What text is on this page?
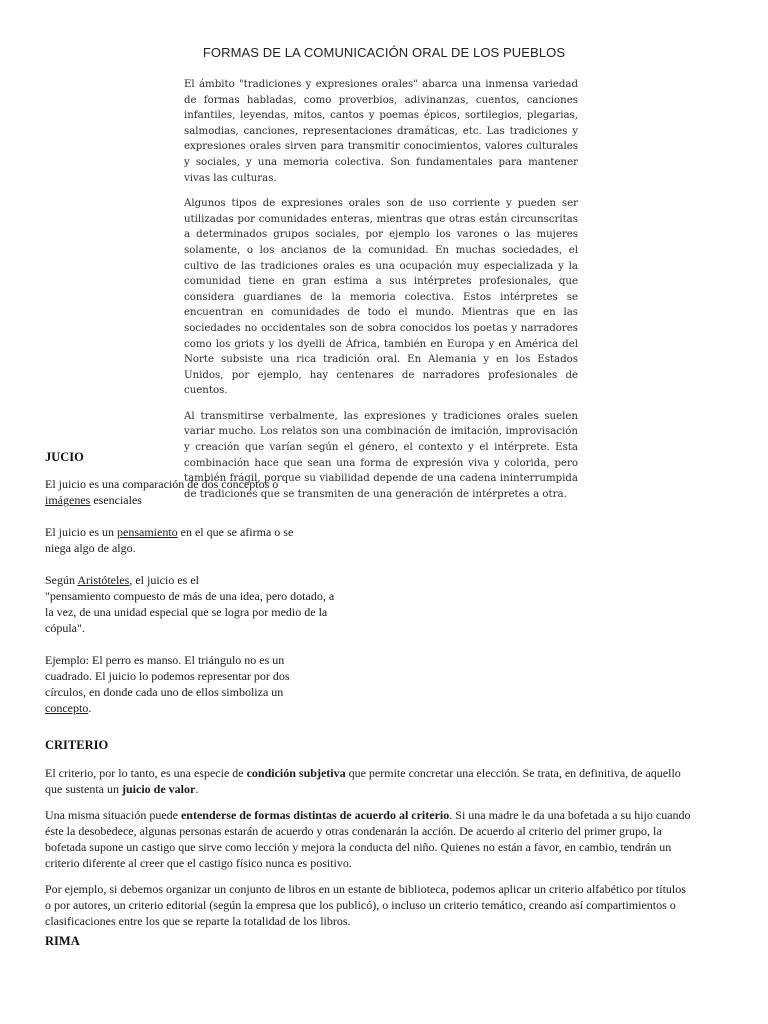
FORMAS DE LA COMUNICACIÓN ORAL DE LOS PUEBLOS

El ámbito "tradiciones y expresiones orales" abarca una inmensa variedad de formas habladas, como proverbios, adivinanzas, cuentos, canciones infantiles, leyendas, mitos, cantos y poemas épicos, sortilegios, plegarias, salmodias, canciones, representaciones dramáticas, etc. Las tradiciones y expresiones orales sirven para transmitir conocimientos, valores culturales y sociales, y una memoria colectiva. Son fundamentales para mantener vivas las culturas.

Algunos tipos de expresiones orales son de uso corriente y pueden ser utilizadas por comunidades enteras, mientras que otras están circunscritas a determinados grupos sociales, por ejemplo los varones o las mujeres solamente, o los ancianos de la comunidad. En muchas sociedades, el cultivo de las tradiciones orales es una ocupación muy especializada y la comunidad tiene en gran estima a sus intérpretes profesionales, que considera guardianes de la memoria colectiva. Estos intérpretes se encuentran en comunidades de todo el mundo. Mientras que en las sociedades no occidentales son de sobra conocidos los poetas y narradores como los griots y los dyelli de África, también en Europa y en América del Norte subsiste una rica tradición oral. En Alemania y en los Estados Unidos, por ejemplo, hay centenares de narradores profesionales de cuentos.

Al transmitirse verbalmente, las expresiones y tradiciones orales suelen variar mucho. Los relatos son una combinación de imitación, improvisación y creación que varían según el género, el contexto y el intérprete. Esta combinación hace que sean una forma de expresión viva y colorida, pero también frágil, porque su viabilidad depende de una cadena ininterrumpida de tradiciones que se transmiten de una generación de intérpretes a otra.

JUCIO

El juicio es una comparación de dos conceptos o
imágenes esenciales

El juicio es un pensamiento en el que se afirma o se
niega algo de algo.

Según Aristóteles, el juicio es el
"pensamiento compuesto de más de una idea, pero dotado, a
la vez, de una unidad especial que se logra por medio de la
cópula".

Ejemplo: El perro es manso. El triángulo no es un
cuadrado. El juicio lo podemos representar por dos
círculos, en donde cada uno de ellos simboliza un
concepto.

CRITERIO

El criterio, por lo tanto, es una especie de condición subjetiva que permite concretar una elección. Se trata, en definitiva, de aquello
que sustenta un juicio de valor.

Una misma situación puede entenderse de formas distintas de acuerdo al criterio. Si una madre le da una bofetada a su hijo cuando
éste la desobedece, algunas personas estarán de acuerdo y otras condenarán la acción. De acuerdo al criterio del primer grupo, la
bofetada supone un castigo que sirve como lección y mejora la conducta del niño. Quienes no están a favor, en cambio, tendrán un
criterio diferente al creer que el castigo físico nunca es positivo.

Por ejemplo, si debemos organizar un conjunto de libros en un estante de biblioteca, podemos aplicar un criterio alfabético por títulos
o por autores, un criterio editorial (según la empresa que los publicó), o incluso un criterio temático, creando así compartimientos o
clasificaciones entre los que se reparte la totalidad de los libros.

RIMA
